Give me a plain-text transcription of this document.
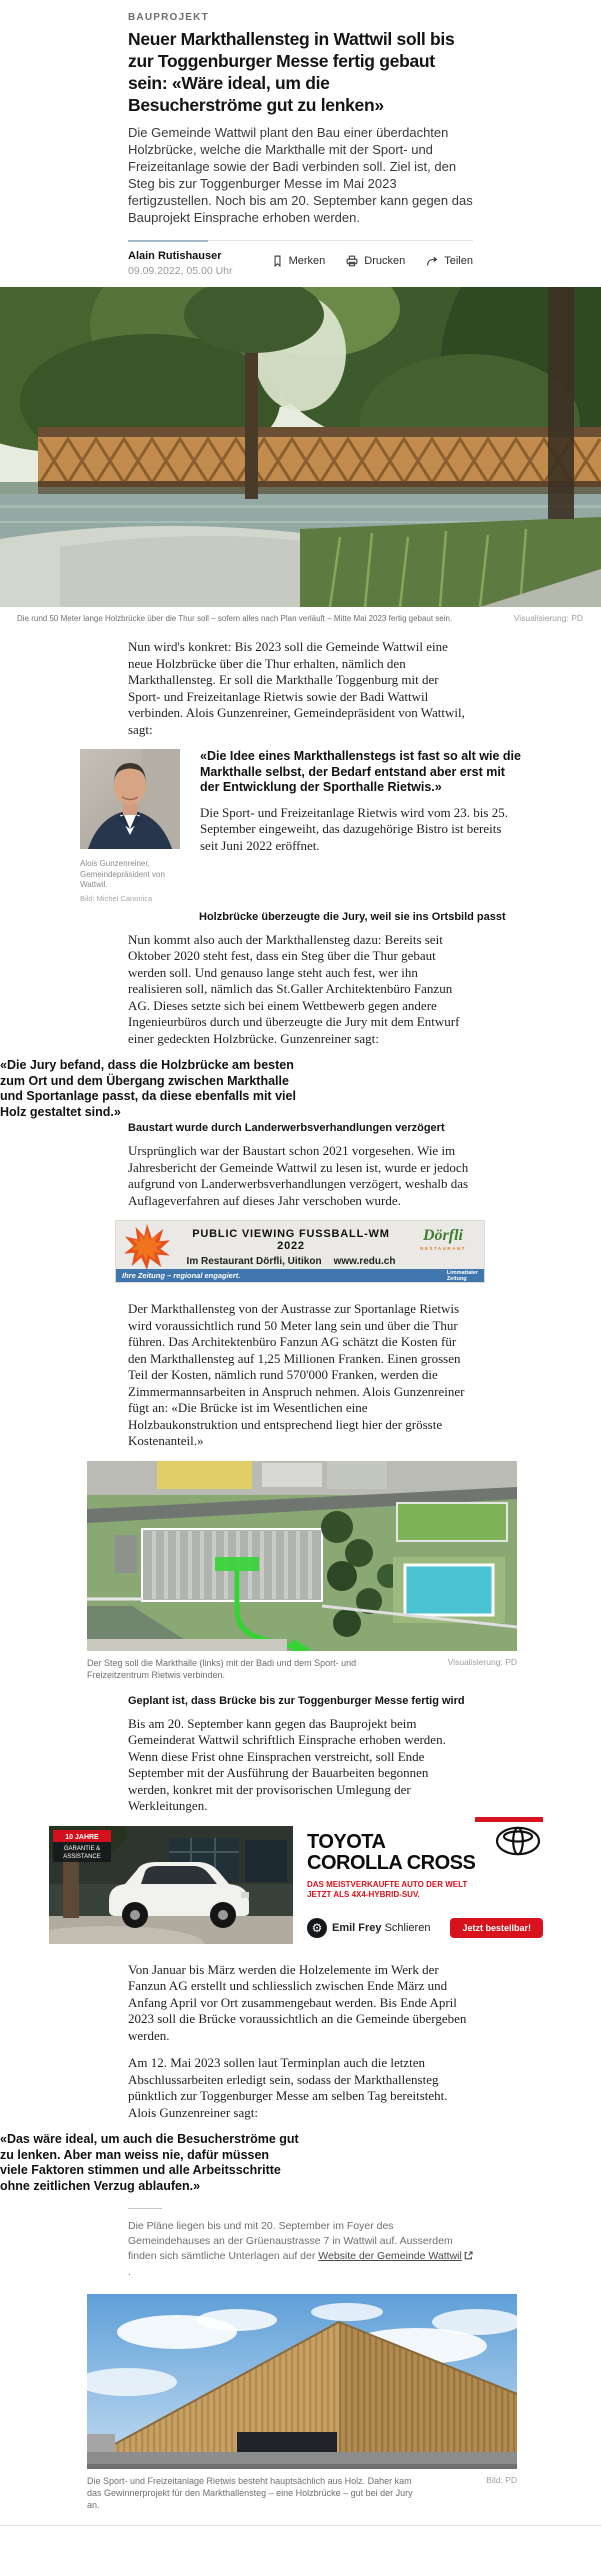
BAUPROJEKT
Neuer Markthallensteg in Wattwil soll bis zur Toggenburger Messe fertig gebaut sein: «Wäre ideal, um die Besucherströme gut zu lenken»

Die Gemeinde Wattwil plant den Bau einer überdachten Holzbrücke, welche die Markthalle mit der Sport- und Freizeitanlage sowie der Badi verbinden soll. Ziel ist, den Steg bis zur Toggenburger Messe im Mai 2023 fertigzustellen. Noch bis am 20. September kann gegen das Bauprojekt Einsprache erhoben werden.

Alain Rutishauser
09.09.2022, 05.00 Uhr
Merken	Drucken	Teilen
Die rund 50 Meter lange Holzbrücke über die Thur soll – sofern alles nach Plan verläuft – Mitte Mai 2023 fertig gebaut sein.	Visualisierung: PD

Nun wird's konkret: Bis 2023 soll die Gemeinde Wattwil eine neue Holzbrücke über die Thur erhalten, nämlich den Markthallensteg. Er soll die Markthalle Toggenburg mit der Sport- und Freizeitanlage Rietwis sowie der Badi Wattwil verbinden. Alois Gunzenreiner, Gemeindepräsident von Wattwil, sagt:

Alois Gunzenreiner,
Gemeindepräsident von Wattwil.
Bild: Michel Canonica
«Die Idee eines Markthallenstegs ist fast so alt wie die Markthalle selbst, der Bedarf entstand aber erst mit der Entwicklung der Sporthalle Rietwis.»

Die Sport- und Freizeitanlage Rietwis wird vom 23. bis 25. September eingeweiht, das dazugehörige Bistro ist bereits seit Juni 2022 eröffnet.

Holzbrücke überzeugte die Jury, weil sie ins Ortsbild passt

Nun kommt also auch der Markthallensteg dazu: Bereits seit Oktober 2020 steht fest, dass ein Steg über die Thur gebaut werden soll. Und genauso lange steht auch fest, wer ihn realisieren soll, nämlich das St.Galler Architektenbüro Fanzun AG. Dieses setzte sich bei einem Wettbewerb gegen andere Ingenieurbüros durch und überzeugte die Jury mit dem Entwurf einer gedeckten Holzbrücke. Gunzenreiner sagt:

«Die Jury befand, dass die Holzbrücke am besten zum Ort und dem Übergang zwischen Markthalle und Sportanlage passt, da diese ebenfalls mit viel Holz gestaltet sind.»
Baustart wurde durch Landerwerbsverhandlungen verzögert

Ursprünglich war der Baustart schon 2021 vorgesehen. Wie im Jahresbericht der Gemeinde Wattwil zu lesen ist, wurde er jedoch aufgrund von Landerwerbsverhandlungen verzögert, weshalb das Auflageverfahren auf dieses Jahr verschoben wurde.

PUBLIC VIEWING FUSSBALL-WM 2022
Im Restaurant Dörfli, Uitikon www.redu.ch
Dörfli
RESTAURANT
Ihre Zeitung – regional engagiert.	Limmattaler
Zeitung

Der Markthallensteg von der Austrasse zur Sportanlage Rietwis wird voraussichtlich rund 50 Meter lang sein und über die Thur führen. Das Architektenbüro Fanzun AG schätzt die Kosten für den Markthallensteg auf 1,25 Millionen Franken. Einen grossen Teil der Kosten, nämlich rund 570'000 Franken, werden die Zimmermannsarbeiten in Anspruch nehmen. Alois Gunzenreiner fügt an: «Die Brücke ist im Wesentlichen eine Holzbaukonstruktion und entsprechend liegt hier der grösste Kostenanteil.»

Der Steg soll die Markthalle (links) mit der Badi und dem Sport- und Freizeitzentrum Rietwis verbinden.
Visualisierung: PD
Geplant ist, dass Brücke bis zur Toggenburger Messe fertig wird

Bis am 20. September kann gegen das Bauprojekt beim Gemeinderat Wattwil schriftlich Einsprache erhoben werden. Wenn diese Frist ohne Einsprachen verstreicht, soll Ende September mit der Ausführung der Bauarbeiten begonnen werden, konkret mit der provisorischen Umlegung der Werkleitungen.

10 JAHRE
GARANTIE &
ASSISTANCE
TOYOTA
COROLLA CROSS
DAS MEISTVERKAUFTE AUTO DER WELT
JETZT ALS 4X4-HYBRID-SUV.
⚙ Emil Frey Schlieren	Jetzt bestellbar!

Von Januar bis März werden die Holzelemente im Werk der Fanzun AG erstellt und schliesslich zwischen Ende März und Anfang April vor Ort zusammengebaut werden. Bis Ende April 2023 soll die Brücke voraussichtlich an die Gemeinde übergeben werden.

Am 12. Mai 2023 sollen laut Terminplan auch die letzten Abschlussarbeiten erledigt sein, sodass der Markthallensteg pünktlich zur Toggenburger Messe am selben Tag bereitsteht. Alois Gunzenreiner sagt:

«Das wäre ideal, um auch die Besucherströme gut zu lenken. Aber man weiss nie, dafür müssen viele Faktoren stimmen und alle Arbeitsschritte ohne zeitlichen Verzug ablaufen.»

Die Pläne liegen bis und mit 20. September im Foyer des Gemeindehauses an der Grüenaustrasse 7 in Wattwil auf. Ausserdem finden sich sämtliche Unterlagen auf der Website der Gemeinde Wattwil.

Die Sport- und Freizeitanlage Rietwis besteht hauptsächlich aus Holz. Daher kam das Gewinnerprojekt für den Markthallensteg – eine Holzbrücke – gut bei der Jury an.
Bild: PD
